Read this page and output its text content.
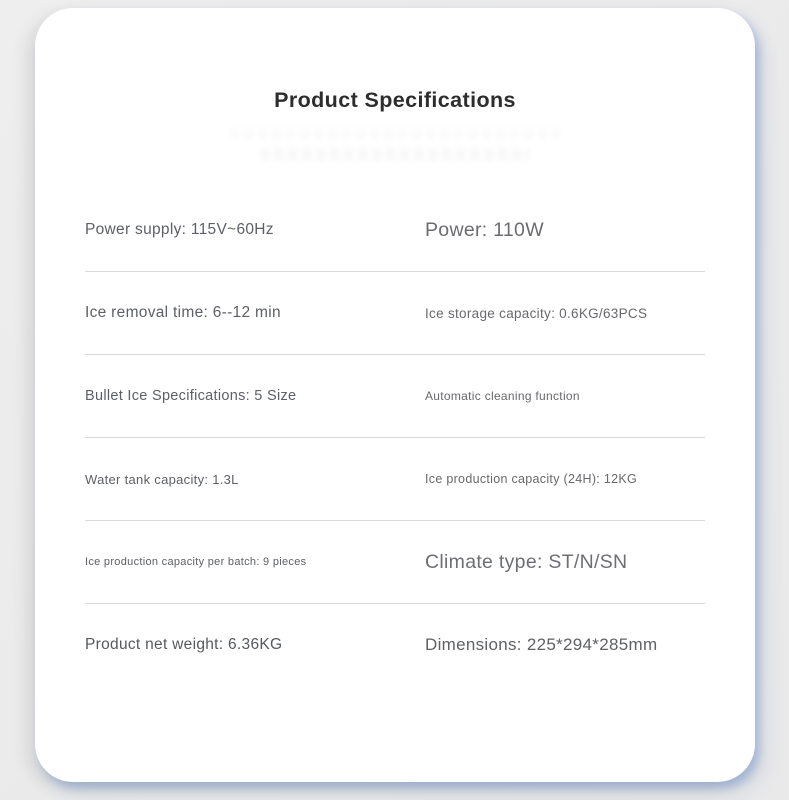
Product Specifications
Power supply: 115V~60Hz	Power: 110W
Ice removal time: 6--12 min	Ice storage capacity: 0.6KG/63PCS
Bullet Ice Specifications: 5 Size	Automatic cleaning function
Water tank capacity: 1.3L	Ice production capacity (24H): 12KG
Ice production capacity per batch: 9 pieces	Climate type: ST/N/SN
Product net weight: 6.36KG	Dimensions: 225*294*285mm
